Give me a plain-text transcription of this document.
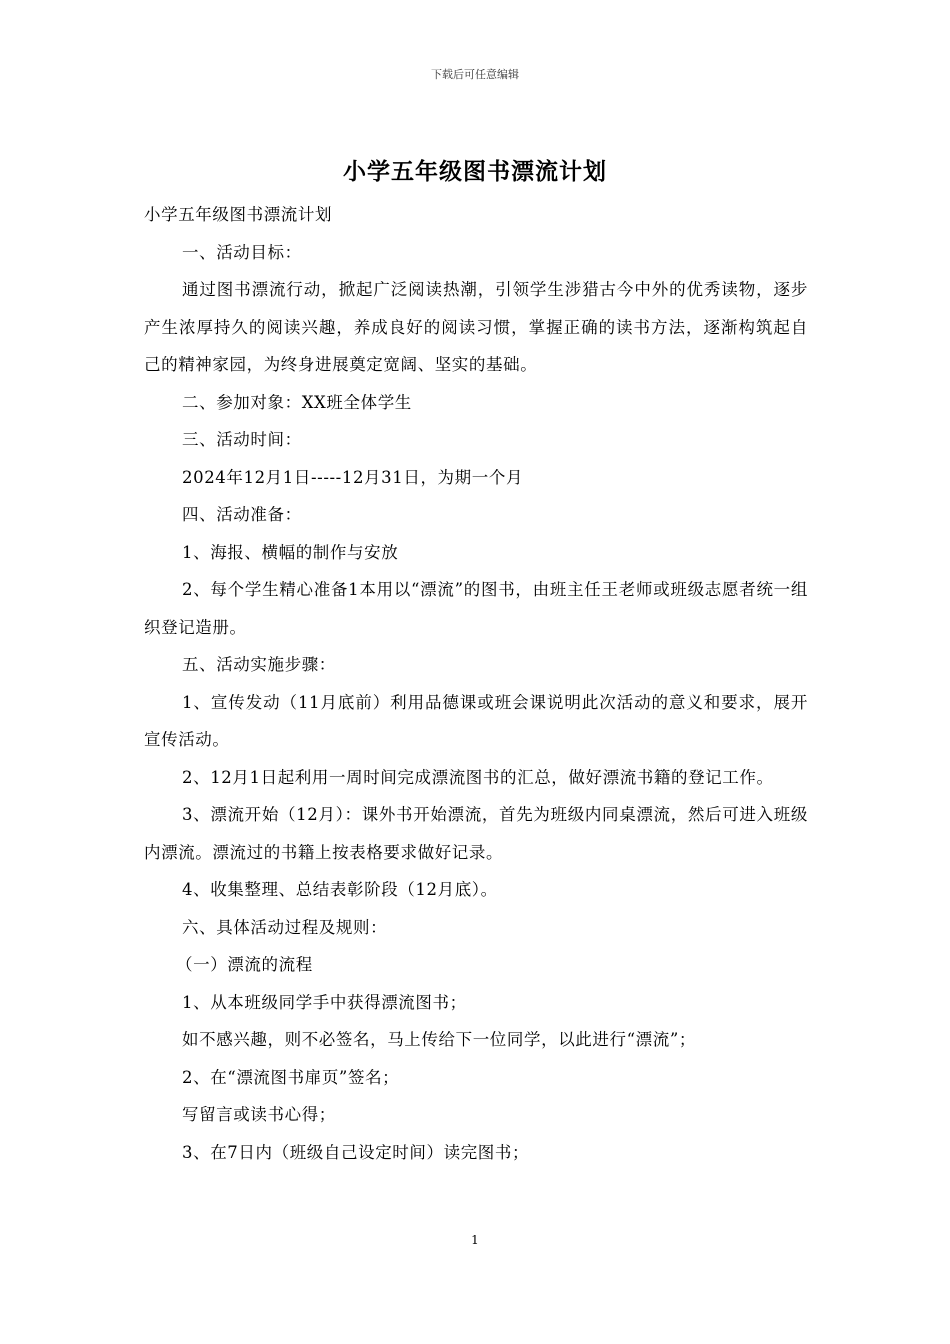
下载后可任意编辑
小学五年级图书漂流计划

小学五年级图书漂流计划

一、活动目标：

通过图书漂流行动，掀起广泛阅读热潮，引领学生涉猎古今中外的优秀读物，逐步产生浓厚持久的阅读兴趣，养成良好的阅读习惯，掌握正确的读书方法，逐渐构筑起自己的精神家园，为终身进展奠定宽阔、坚实的基础。

二、参加对象：XX班全体学生

三、活动时间：

2024年12月1日-----12月31日，为期一个月

四、活动准备：

1、海报、横幅的制作与安放

2、每个学生精心准备1本用以“漂流”的图书，由班主任王老师或班级志愿者统一组织登记造册。

五、活动实施步骤：

1、宣传发动（11月底前）利用品德课或班会课说明此次活动的意义和要求，展开宣传活动。

2、12月1日起利用一周时间完成漂流图书的汇总，做好漂流书籍的登记工作。

3、漂流开始（12月）：课外书开始漂流，首先为班级内同桌漂流，然后可进入班级内漂流。漂流过的书籍上按表格要求做好记录。

4、收集整理、总结表彰阶段（12月底）。

六、具体活动过程及规则：

（一）漂流的流程

1、从本班级同学手中获得漂流图书；

如不感兴趣，则不必签名，马上传给下一位同学，以此进行“漂流”；

2、在“漂流图书扉页”签名；

写留言或读书心得；

3、在7日内（班级自己设定时间）读完图书；

1
